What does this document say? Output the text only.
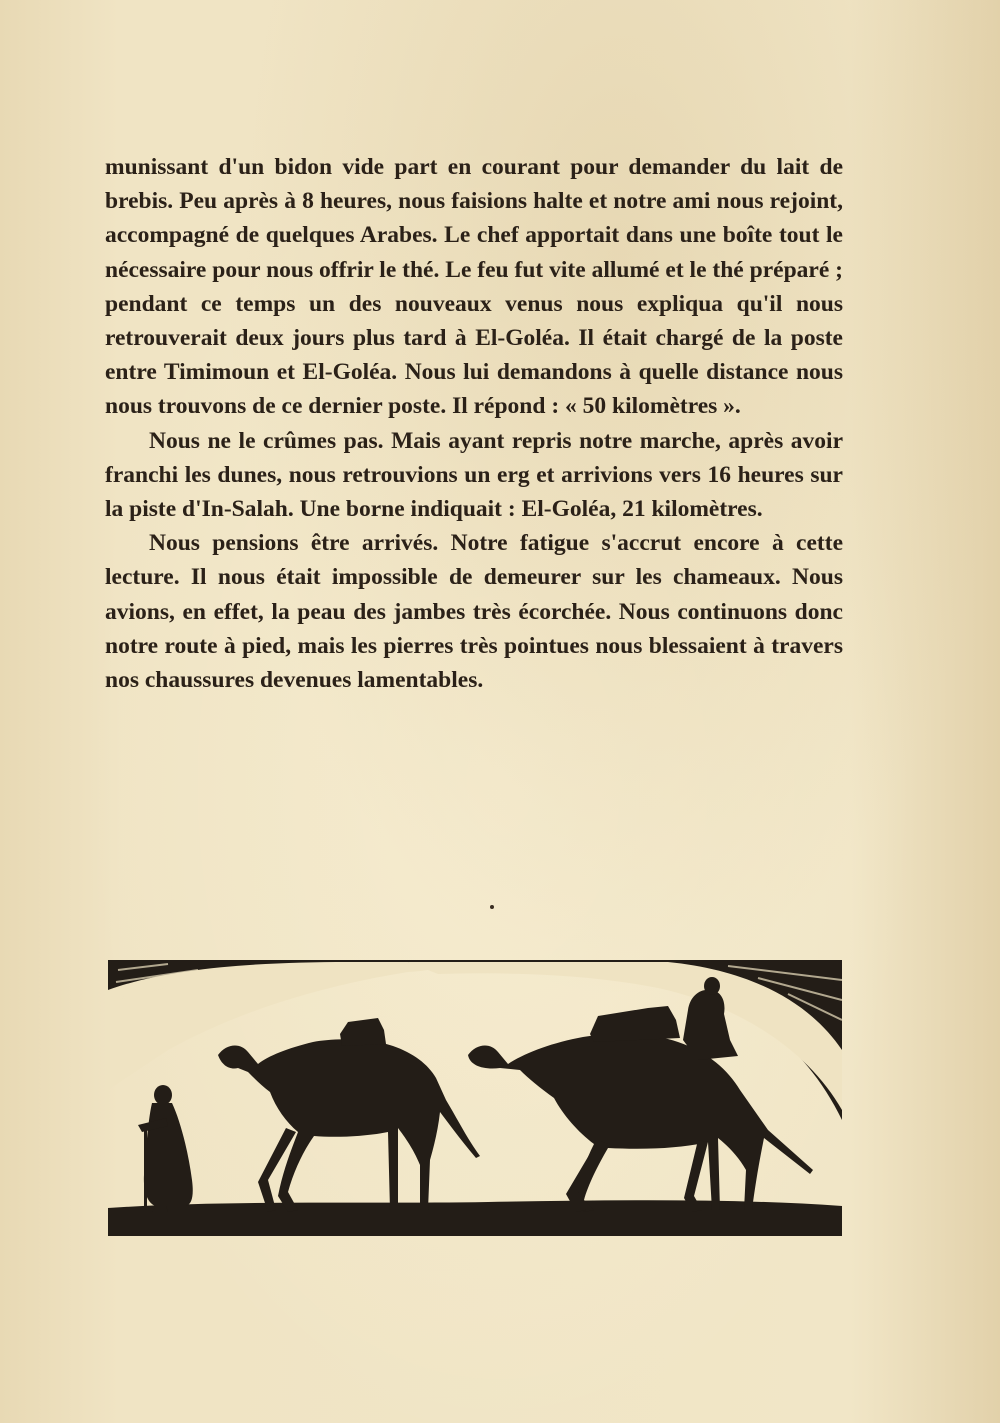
munissant d'un bidon vide part en courant pour demander du lait de brebis. Peu après à 8 heures, nous faisions halte et notre ami nous rejoint, accompagné de quelques Arabes. Le chef apportait dans une boîte tout le nécessaire pour nous offrir le thé. Le feu fut vite allumé et le thé préparé ; pendant ce temps un des nouveaux venus nous expliqua qu'il nous retrouverait deux jours plus tard à El-Goléa. Il était chargé de la poste entre Timimoun et El-Goléa. Nous lui demandons à quelle distance nous nous trouvons de ce dernier poste. Il répond : « 50 kilomètres ».

Nous ne le crûmes pas. Mais ayant repris notre marche, après avoir franchi les dunes, nous retrouvions un erg et arrivions vers 16 heures sur la piste d'In-Salah. Une borne indiquait : El-Goléa, 21 kilomètres.

Nous pensions être arrivés. Notre fatigue s'accrut encore à cette lecture. Il nous était impossible de demeurer sur les chameaux. Nous avions, en effet, la peau des jambes très écorchée. Nous continuons donc notre route à pied, mais les pierres très pointues nous blessaient à travers nos chaussures devenues lamentables.
